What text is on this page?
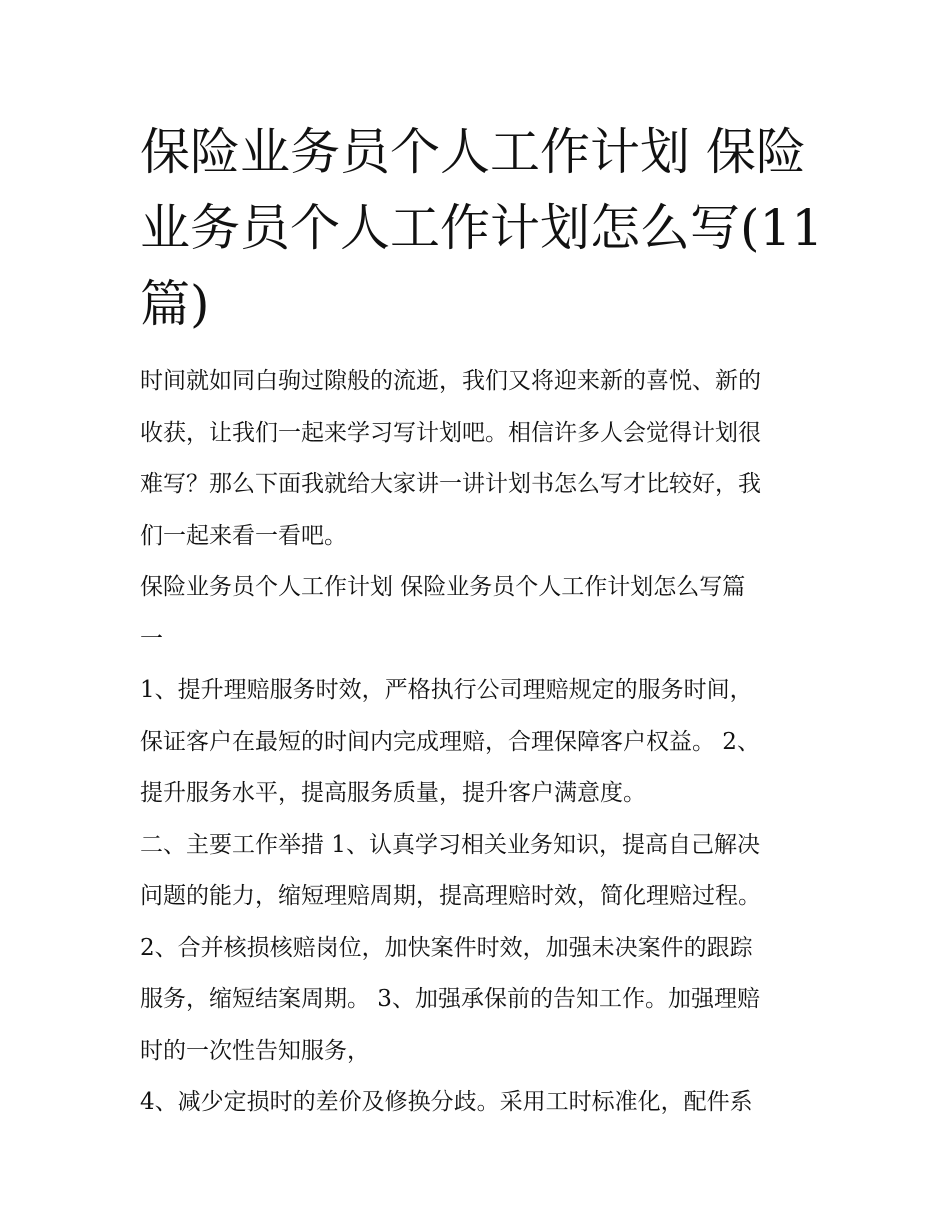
保险业务员个人工作计划 保险
业务员个人工作计划怎么写(11
篇)

时间就如同白驹过隙般的流逝，我们又将迎来新的喜悦、新的
收获，让我们一起来学习写计划吧。相信许多人会觉得计划很
难写？那么下面我就给大家讲一讲计划书怎么写才比较好，我
们一起来看一看吧。

保险业务员个人工作计划 保险业务员个人工作计划怎么写篇
一

1、提升理赔服务时效，严格执行公司理赔规定的服务时间，
保证客户在最短的时间内完成理赔，合理保障客户权益。 2、
提升服务水平，提高服务质量，提升客户满意度。

二、主要工作举措 1、认真学习相关业务知识，提高自己解决
问题的能力，缩短理赔周期，提高理赔时效，简化理赔过程。
2、合并核损核赔岗位，加快案件时效，加强未决案件的跟踪
服务，缩短结案周期。 3、加强承保前的告知工作。加强理赔
时的一次性告知服务，

4、减少定损时的差价及修换分歧。采用工时标准化，配件系
